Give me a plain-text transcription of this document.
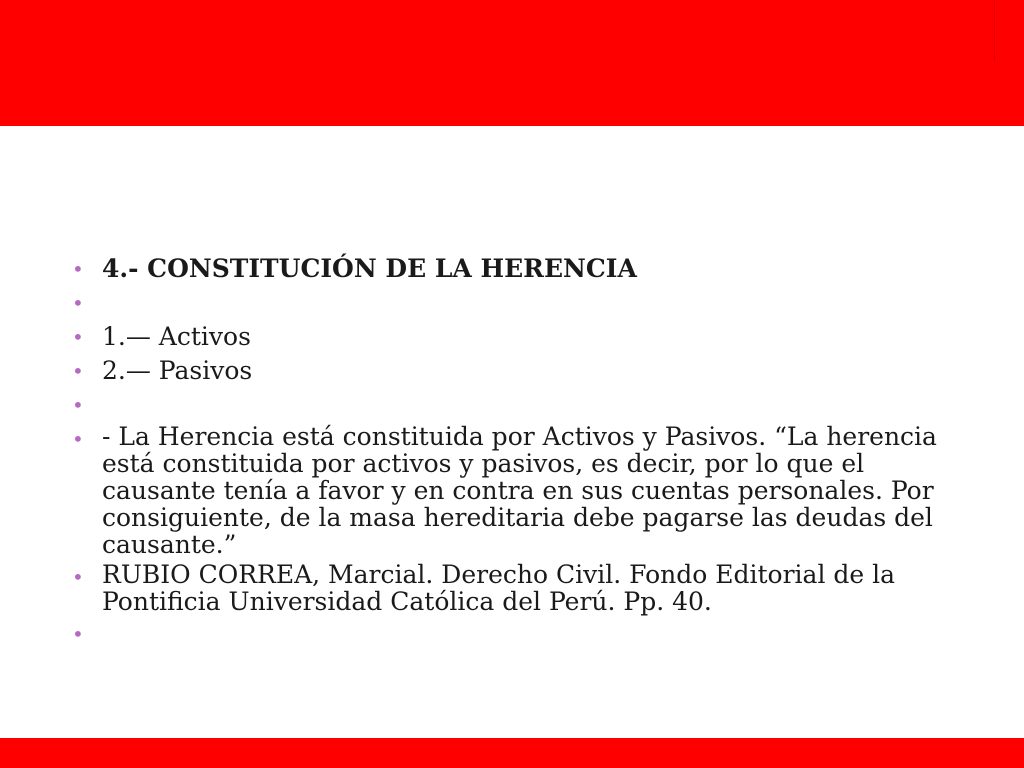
• 4.- CONSTITUCIÓN DE LA HERENCIA
•
• 1.— Activos
• 2.— Pasivos
•
• - La Herencia está constituida por Activos y Pasivos. “La herencia está constituida por activos y pasivos, es decir, por lo que el causante tenía a favor y en contra en sus cuentas personales. Por consiguiente, de la masa hereditaria debe pagarse las deudas del causante.”
• RUBIO CORREA, Marcial. Derecho Civil. Fondo Editorial de la Pontificia Universidad Católica del Perú. Pp. 40.
•
